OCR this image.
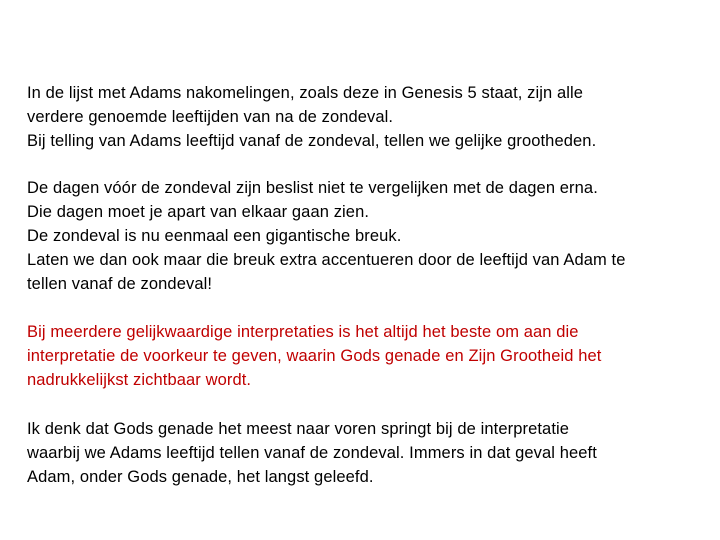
In de lijst met Adams nakomelingen, zoals deze in Genesis 5 staat, zijn alle
verdere genoemde leeftijden van na de zondeval.
Bij telling van Adams leeftijd vanaf de zondeval, tellen we gelijke grootheden.
De dagen vóór de zondeval zijn beslist niet te vergelijken met de dagen erna.
Die dagen moet je apart van elkaar gaan zien.
De zondeval is nu eenmaal een gigantische breuk.
Laten we dan ook maar die breuk extra accentueren door de leeftijd van Adam te
tellen vanaf de zondeval!
Bij meerdere gelijkwaardige interpretaties is het altijd het beste om aan die
interpretatie de voorkeur te geven, waarin Gods genade en Zijn Grootheid het
nadrukkelijkst zichtbaar wordt.
Ik denk dat Gods genade het meest naar voren springt bij de interpretatie
waarbij we Adams leeftijd tellen vanaf de zondeval. Immers in dat geval heeft
Adam, onder Gods genade, het langst geleefd.
